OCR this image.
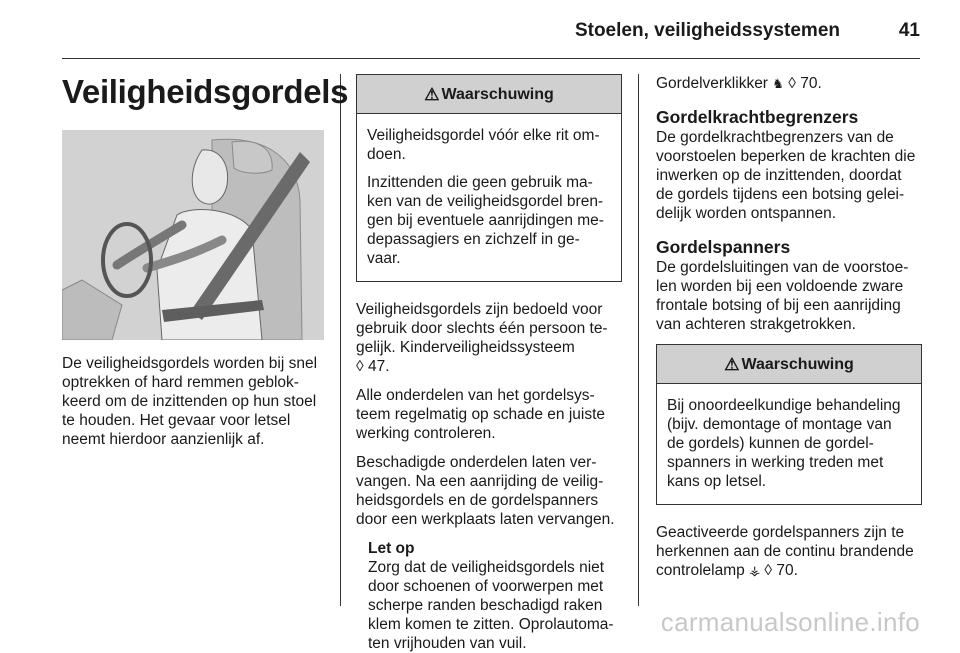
Stoelen, veiligheidssystemen	41
Veiligheidsgordels

De veiligheidsgordels worden bij snel optrekken of hard remmen geblok-keerd om de inzittenden op hun stoel te houden. Het gevaar voor letsel neemt hierdoor aanzienlijk af.

⚠ Waarschuwing

Veiligheidsgordel vóór elke rit om-doen.

Inzittenden die geen gebruik ma-ken van de veiligheidsgordel bren-gen bij eventuele aanrijdingen me-depassagiers en zichzelf in ge-vaar.

Veiligheidsgordels zijn bedoeld voor gebruik door slechts één persoon te-gelijk. Kinderveiligheidssysteem
◊ 47.

Alle onderdelen van het gordelsys-teem regelmatig op schade en juiste werking controleren.

Beschadigde onderdelen laten ver-vangen. Na een aanrijding de veilig-heidsgordels en de gordelspanners door een werkplaats laten vervangen.

Let op
Zorg dat de veiligheidsgordels niet door schoenen of voorwerpen met scherpe randen beschadigd raken klem komen te zitten. Oprolautoma-ten vrijhouden van vuil.

Gordelverklikker ♞ ◊ 70.

Gordelkrachtbegrenzers

De gordelkrachtbegrenzers van de voorstoelen beperken de krachten die inwerken op de inzittenden, doordat de gordels tijdens een botsing gelei-delijk worden ontspannen.

Gordelspanners

De gordelsluitingen van de voorstoe-len worden bij een voldoende zware frontale botsing of bij een aanrijding van achteren strakgetrokken.

⚠ Waarschuwing

Bij onoordeelkundige behandeling (bijv. demontage of montage van de gordels) kunnen de gordel-spanners in werking treden met kans op letsel.

Geactiveerde gordelspanners zijn te herkennen aan de continu brandende controlelamp ⚶ ◊ 70.

carmanualsonline.info
